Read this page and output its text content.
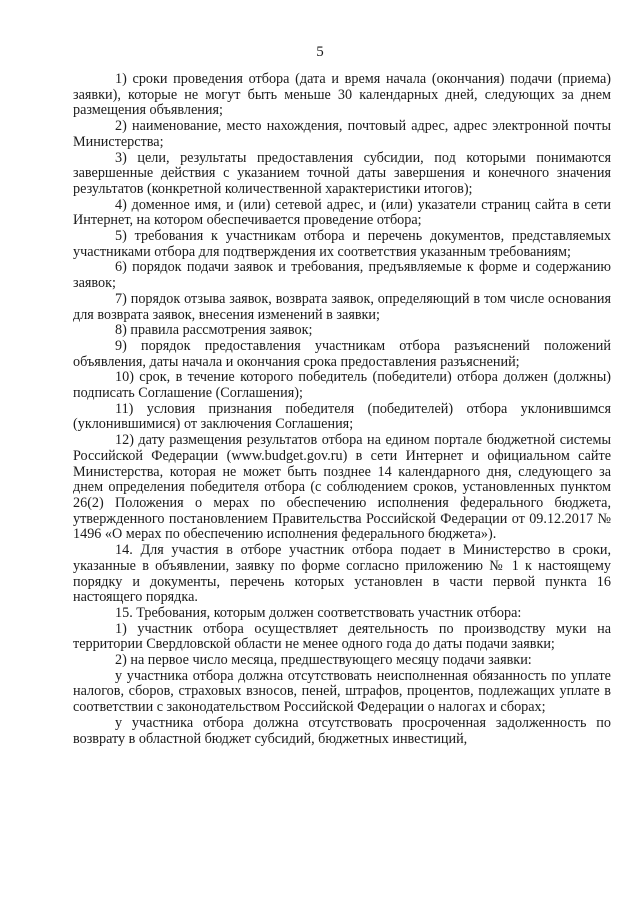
5

1) сроки проведения отбора (дата и время начала (окончания) подачи (приема) заявки), которые не могут быть меньше 30 календарных дней, следующих за днем размещения объявления;

2) наименование, место нахождения, почтовый адрес, адрес электронной почты Министерства;

3) цели, результаты предоставления субсидии, под которыми понимаются завершенные действия с указанием точной даты завершения и конечного значения результатов (конкретной количественной характеристики итогов);

4) доменное имя, и (или) сетевой адрес, и (или) указатели страниц сайта в сети Интернет, на котором обеспечивается проведение отбора;

5) требования к участникам отбора и перечень документов, представляемых участниками отбора для подтверждения их соответствия указанным требованиям;

6) порядок подачи заявок и требования, предъявляемые к форме и содержанию заявок;

7) порядок отзыва заявок, возврата заявок, определяющий в том числе основания для возврата заявок, внесения изменений в заявки;

8) правила рассмотрения заявок;

9) порядок предоставления участникам отбора разъяснений положений объявления, даты начала и окончания срока предоставления разъяснений;

10) срок, в течение которого победитель (победители) отбора должен (должны) подписать Соглашение (Соглашения);

11) условия признания победителя (победителей) отбора уклонившимся (уклонившимися) от заключения Соглашения;

12) дату размещения результатов отбора на едином портале бюджетной системы Российской Федерации (www.budget.gov.ru) в сети Интернет и официальном сайте Министерства, которая не может быть позднее 14 календарного дня, следующего за днем определения победителя отбора (с соблюдением сроков, установленных пунктом 26(2) Положения о мерах по обеспечению исполнения федерального бюджета, утвержденного постановлением Правительства Российской Федерации от 09.12.2017 № 1496 «О мерах по обеспечению исполнения федерального бюджета»).

14. Для участия в отборе участник отбора подает в Министерство в сроки, указанные в объявлении, заявку по форме согласно приложению № 1 к настоящему порядку и документы, перечень которых установлен в части первой пункта 16 настоящего порядка.

15. Требования, которым должен соответствовать участник отбора:

1) участник отбора осуществляет деятельность по производству муки на территории Свердловской области не менее одного года до даты подачи заявки;

2) на первое число месяца, предшествующего месяцу подачи заявки:

у участника отбора должна отсутствовать неисполненная обязанность по уплате налогов, сборов, страховых взносов, пеней, штрафов, процентов, подлежащих уплате в соответствии с законодательством Российской Федерации о налогах и сборах;

у участника отбора должна отсутствовать просроченная задолженность по возврату в областной бюджет субсидий, бюджетных инвестиций,
